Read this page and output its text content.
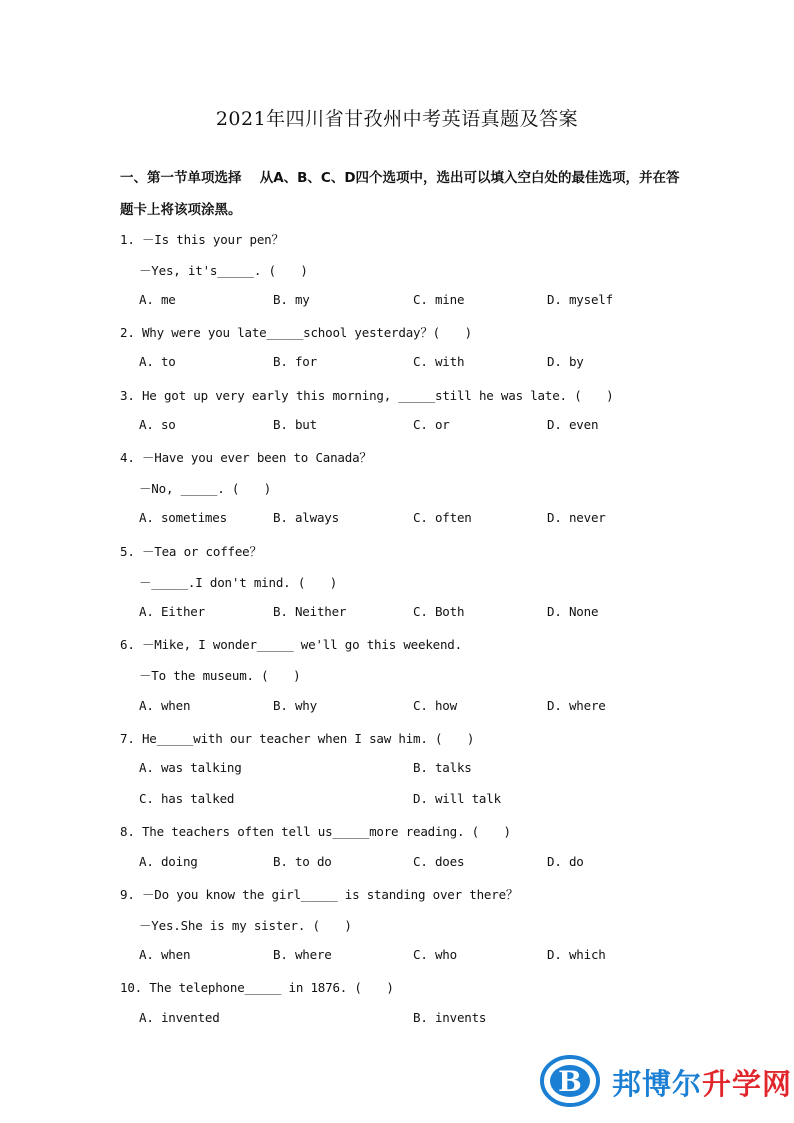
2021年四川省甘孜州中考英语真题及答案
一、第一节单项选择　 从A、B、C、D四个选项中，选出可以填入空白处的最佳选项，并在答题卡上将该项涂黑。
1. －Is this your pen？
－Yes, it's_____. (　　)
A. me	B. my	C. mine	D. myself
2. Why were you late_____school yesterday？(　　)
A. to	B. for	C. with	D. by
3. He got up very early this morning, _____still he was late. (　　)
A. so	B. but	C. or	D. even
4. －Have you ever been to Canada？
－No, _____. (　　)
A. sometimes	B. always	C. often	D. never
5. －Tea or coffee？
－_____.I don't mind. (　　)
A. Either	B. Neither	C. Both	D. None
6. －Mike, I wonder_____ we'll go this weekend.
－To the museum. (　　)
A. when	B. why	C. how	D. where
7. He_____with our teacher when I saw him. (　　)
A. was talking	B. talks
C. has talked	D. will talk
8. The teachers often tell us_____more reading. (　　)
A. doing	B. to do	C. does	D. do
9. －Do you know the girl_____ is standing over there？
－Yes.She is my sister. (　　)
A. when	B. where	C. who	D. which
10. The telephone_____ in 1876. (　　)
A. invented	B. invents
B 邦博尔升学网
